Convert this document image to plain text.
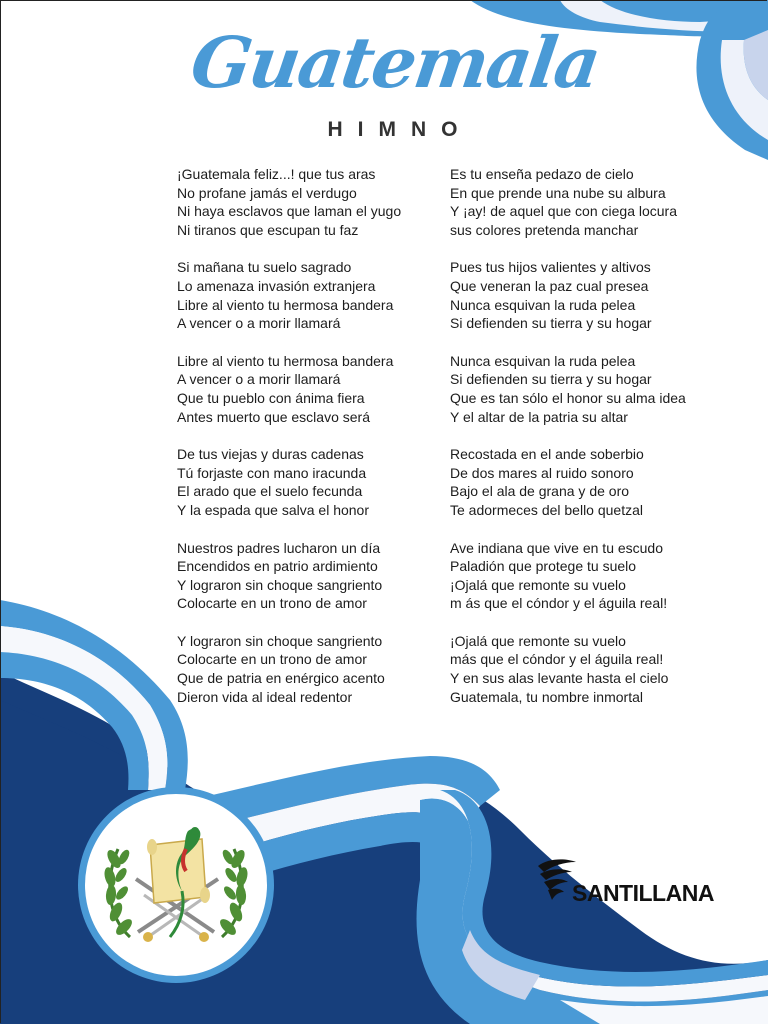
Guatemala
HIMNO
¡Guatemala feliz...! que tus aras
No profane jamás el verdugo
Ni haya esclavos que laman el yugo
Ni tiranos que escupan tu faz
Si mañana tu suelo sagrado
Lo amenaza invasión extranjera
Libre al viento tu hermosa bandera
A vencer o a morir llamará
Libre al viento tu hermosa bandera
A vencer o a morir llamará
Que tu pueblo con ánima fiera
Antes muerto que esclavo será
De tus viejas y duras cadenas
Tú forjaste con mano iracunda
El arado que el suelo fecunda
Y la espada que salva el honor
Nuestros padres lucharon un día
Encendidos en patrio ardimiento
Y lograron sin choque sangriento
Colocarte en un trono de amor
Y lograron sin choque sangriento
Colocarte en un trono de amor
Que de patria en enérgico acento
Dieron vida al ideal redentor
Es tu enseña pedazo de cielo
En que prende una nube su albura
Y ¡ay! de aquel que con ciega locura
sus colores pretenda manchar
Pues tus hijos valientes y altivos
Que veneran la paz cual presea
Nunca esquivan la ruda pelea
Si defienden su tierra y su hogar
Nunca esquivan la ruda pelea
Si defienden su tierra y su hogar
Que es tan sólo el honor su alma idea
Y el altar de la patria su altar
Recostada en el ande soberbio
De dos mares al ruido sonoro
Bajo el ala de grana y de oro
Te adormeces del bello quetzal
Ave indiana que vive en tu escudo
Paladión que protege tu suelo
¡Ojalá que remonte su vuelo
m ás que el cóndor y el águila real!
¡Ojalá que remonte su vuelo
más que el cóndor y el águila real!
Y en sus alas levante hasta el cielo
Guatemala, tu nombre inmortal
SANTILLANA
